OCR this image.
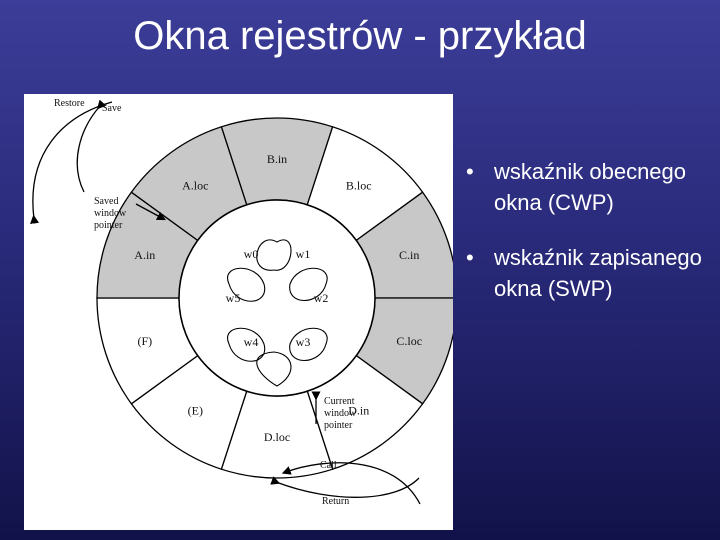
Okna rejestrów - przykład
w0	w1
w2
w3
w4
w5
B.in
B.loc
C.in
C.loc
D.in
D.loc
(E)
(F)
A.in
A.loc
Restore Save
Saved
window
pointer
Current
window
pointer
Call
Return
• wskaźnik obecnego okna (CWP)
• wskaźnik zapisanego okna (SWP)
